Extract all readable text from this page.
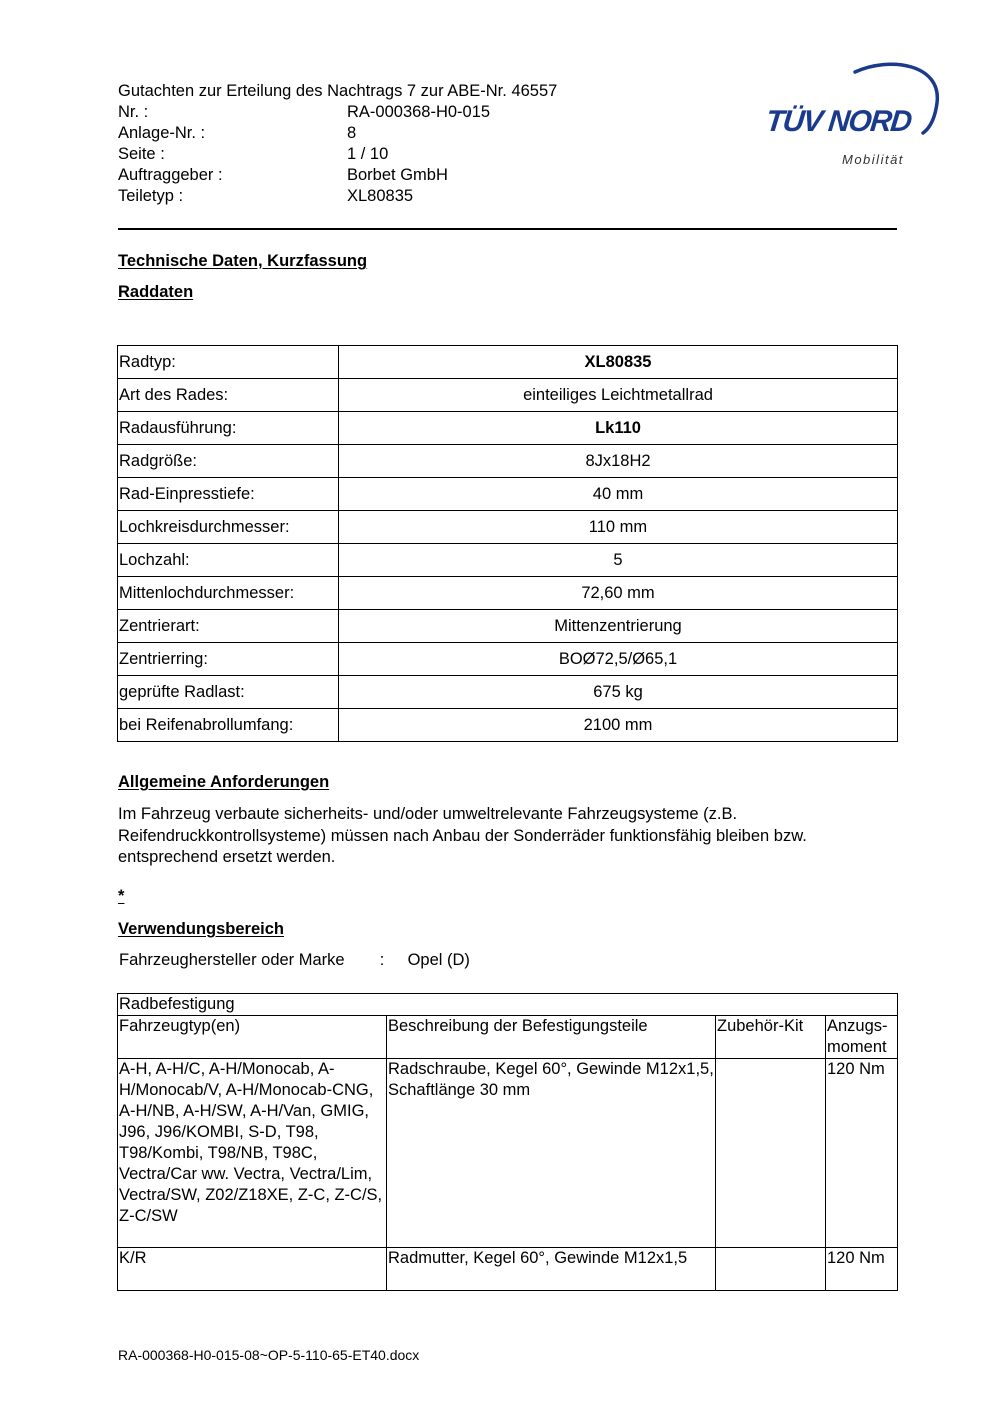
Gutachten zur Erteilung des Nachtrags 7 zur ABE-Nr. 46557
Nr. :	RA-000368-H0-015
Anlage-Nr. :	8
Seite :	1 / 10
Auftraggeber :	Borbet GmbH
Teiletyp :	XL80835
TÜV NORD
Mobilität
Technische Daten, Kurzfassung
Raddaten
Radtyp:	XL80835
Art des Rades:	einteiliges Leichtmetallrad
Radausführung:	Lk110
Radgröße:	8Jx18H2
Rad-Einpresstiefe:	40 mm
Lochkreisdurchmesser:	110 mm
Lochzahl:	5
Mittenlochdurchmesser:	72,60 mm
Zentrierart:	Mittenzentrierung
Zentrierring:	BOØ72,5/Ø65,1
geprüfte Radlast:	675 kg
bei Reifenabrollumfang:	2100 mm
Allgemeine Anforderungen
Im Fahrzeug verbaute sicherheits- und/oder umweltrelevante Fahrzeugsysteme (z.B. Reifendruckkontrollsysteme) müssen nach Anbau der Sonderräder funktionsfähig bleiben bzw. entsprechend ersetzt werden.
*
Verwendungsbereich
Fahrzeughersteller oder Marke : Opel (D)
Radbefestigung			
Fahrzeugtyp(en)	Beschreibung der Befestigungsteile	Zubehör-Kit	Anzugs-
moment
A-H, A-H/C, A-H/Monocab, A-H/Monocab/V, A-H/Monocab-CNG, A-H/NB, A-H/SW, A-H/Van, GMIG, J96, J96/KOMBI, S-D, T98, T98/Kombi, T98/NB, T98C, Vectra/Car ww. Vectra, Vectra/Lim, Vectra/SW, Z02/Z18XE, Z-C, Z-C/S, Z-C/SW	Radschraube, Kegel 60°, Gewinde M12x1,5, Schaftlänge 30 mm		120 Nm
K/R	Radmutter, Kegel 60°, Gewinde M12x1,5		120 Nm
RA-000368-H0-015-08~OP-5-110-65-ET40.docx
